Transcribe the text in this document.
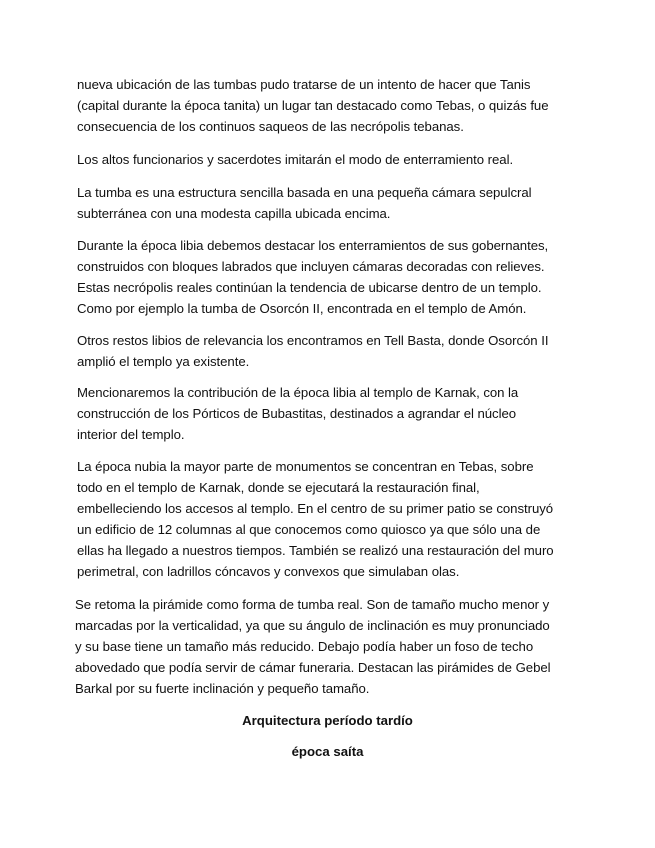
nueva ubicación de las tumbas pudo tratarse de un intento de hacer que Tanis
(capital durante la época tanita) un lugar tan destacado como Tebas, o quizás fue
consecuencia de los continuos saqueos de las necrópolis tebanas.
Los altos funcionarios y sacerdotes imitarán el modo de enterramiento real.
La tumba es una estructura sencilla basada en una pequeña cámara sepulcral
subterránea con una modesta capilla ubicada encima.
Durante la época libia debemos destacar los enterramientos de sus gobernantes,
construidos con bloques labrados que incluyen cámaras decoradas con relieves.
Estas necrópolis reales continúan la tendencia de ubicarse dentro de un templo.
Como por ejemplo la tumba de Osorcón II, encontrada en el templo de Amón.
Otros restos libios de relevancia los encontramos en Tell Basta, donde Osorcón II
amplió el templo ya existente.
Mencionaremos la contribución de la época libia al templo de Karnak, con la
construcción de los Pórticos de Bubastitas, destinados a agrandar el núcleo
interior del templo.
La época nubia la mayor parte de monumentos se concentran en Tebas, sobre
todo en el templo de Karnak, donde se ejecutará la restauración final,
embelleciendo los accesos al templo. En el centro de su primer patio se construyó
un edificio de 12 columnas al que conocemos como quiosco ya que sólo una de
ellas ha llegado a nuestros tiempos. También se realizó una restauración del muro
perimetral, con ladrillos cóncavos y convexos que simulaban olas.
Se retoma la pirámide como forma de tumba real. Son de tamaño mucho menor y
marcadas por la verticalidad, ya que su ángulo de inclinación es muy pronunciado
y su base tiene un tamaño más reducido. Debajo podía haber un foso de techo
abovedado que podía servir de cámar funeraria. Destacan las pirámides de Gebel
Barkal por su fuerte inclinación y pequeño tamaño.
Arquitectura período tardío
época saíta
